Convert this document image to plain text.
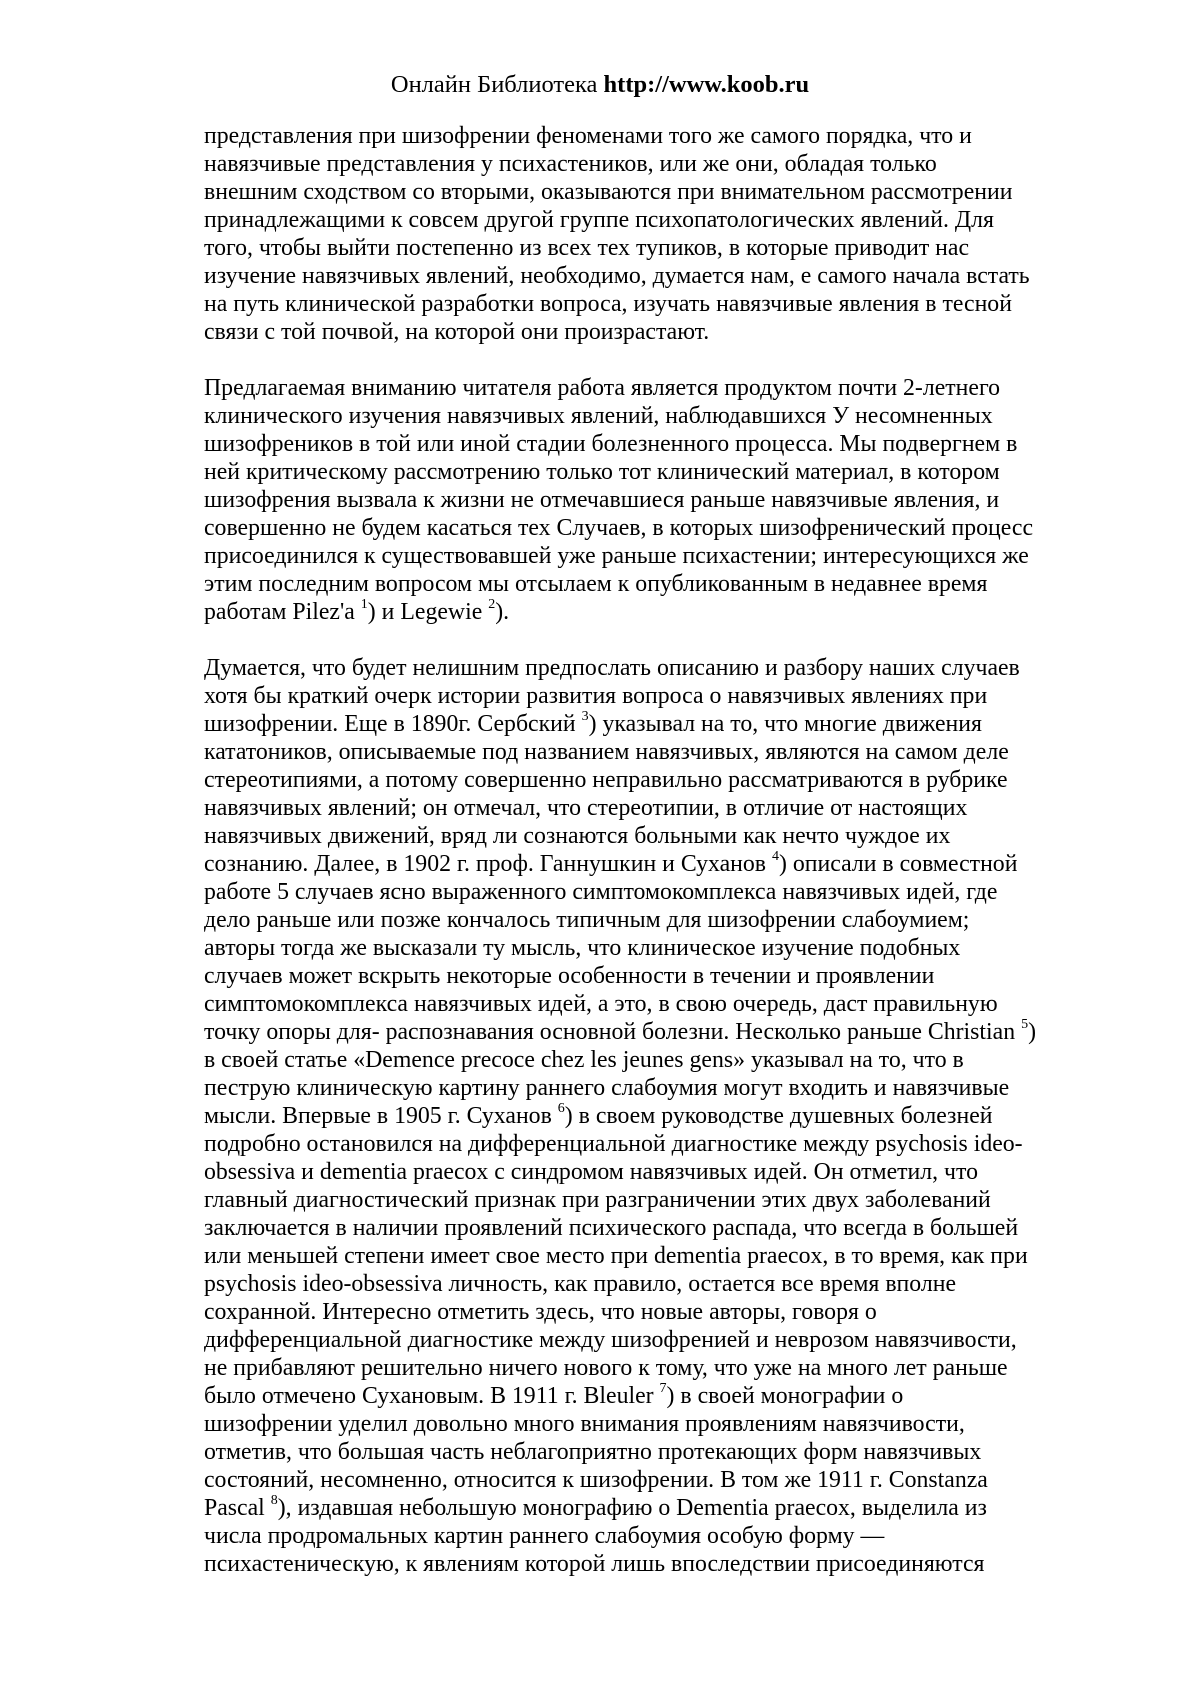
Онлайн Библиотека http://www.koob.ru
представления при шизофрении феноменами того же самого порядка, что и
навязчивые представления у психастеников, или же они, обладая только
внешним сходством со вторыми, оказываются при внимательном рассмотрении
принадлежащими к совсем другой группе психопатологических явлений. Для
того, чтобы выйти постепенно из всех тех тупиков, в которые приводит нас
изучение навязчивых явлений, необходимо, думается нам, е самого начала встать
на путь клинической разработки вопроса, изучать навязчивые явления в тесной
связи с той почвой, на которой они произрастают.
Предлагаемая вниманию читателя работа является продуктом почти 2-летнего
клинического изучения навязчивых явлений, наблюдавшихся У несомненных
шизофреников в той или иной стадии болезненного процесса. Мы подвергнем в
ней критическому рассмотрению только тот клинический материал, в котором
шизофрения вызвала к жизни не отмечавшиеся раньше навязчивые явления, и
совершенно не будем касаться тех Случаев, в которых шизофренический процесс
присоединился к существовавшей уже раньше психастении; интересующихся же
этим последним вопросом мы отсылаем к опубликованным в недавнее время
работам Pilez'a $^1$) и Legewie $^2$).
Думается, что будет нелишним предпослать описанию и разбору наших случаев
хотя бы краткий очерк истории развития вопроса о навязчивых явлениях при
шизофрении. Еще в 1890г. Сербский $^3$) указывал на то, что многие движения
кататоников, описываемые под названием навязчивых, являются на самом деле
стереотипиями, а потому совершенно неправильно рассматриваются в рубрике
навязчивых явлений; он отмечал, что стереотипии, в отличие от настоящих
навязчивых движений, вряд ли сознаются больными как нечто чуждое их
сознанию. Далее, в 1902 г. проф. Ганнушкин и Суханов $^4$) описали в совместной
работе 5 случаев ясно выраженного симптомокомплекса навязчивых идей, где
дело раньше или позже кончалось типичным для шизофрении слабоумием;
авторы тогда же высказали ту мысль, что клиническое изучение подобных
случаев может вскрыть некоторые особенности в течении и проявлении
симптомокомплекса навязчивых идей, а это, в свою очередь, даст правильную
точку опоры для- распознавания основной болезни. Несколько раньше Christian $^5$)
в своей статье «Demence precoce chez les jeunes gens» указывал на то, что в
пеструю клиническую картину раннего слабоумия могут входить и навязчивые
мысли. Впервые в 1905 г. Суханов $^6$) в своем руководстве душевных болезней
подробно остановился на дифференциальной диагностике между psychosis ideo-
obsessiva и dementia praecox с синдромом навязчивых идей. Он отметил, что
главный диагностический признак при разграничении этих двух заболеваний
заключается в наличии проявлений психического распада, что всегда в большей
или меньшей степени имеет свое место при dementia praecox, в то время, как при
psychosis ideo-obsessiva личность, как правило, остается все время вполне
сохранной. Интересно отметить здесь, что новые авторы, говоря о
дифференциальной диагностике между шизофренией и неврозом навязчивости,
не прибавляют решительно ничего нового к тому, что уже на много лет раньше
было отмечено Сухановым. В 1911 г. Bleuler $^7$) в своей монографии о
шизофрении уделил довольно много внимания проявлениям навязчивости,
отметив, что большая часть неблагоприятно протекающих форм навязчивых
состояний, несомненно, относится к шизофрении. В том же 1911 г. Constanza
Pascal $^8$), издавшая небольшую монографию о Dementia praecox, выделила из
числа продромальных картин раннего слабоумия особую форму —
психастеническую, к явлениям которой лишь впоследствии присоединяются
